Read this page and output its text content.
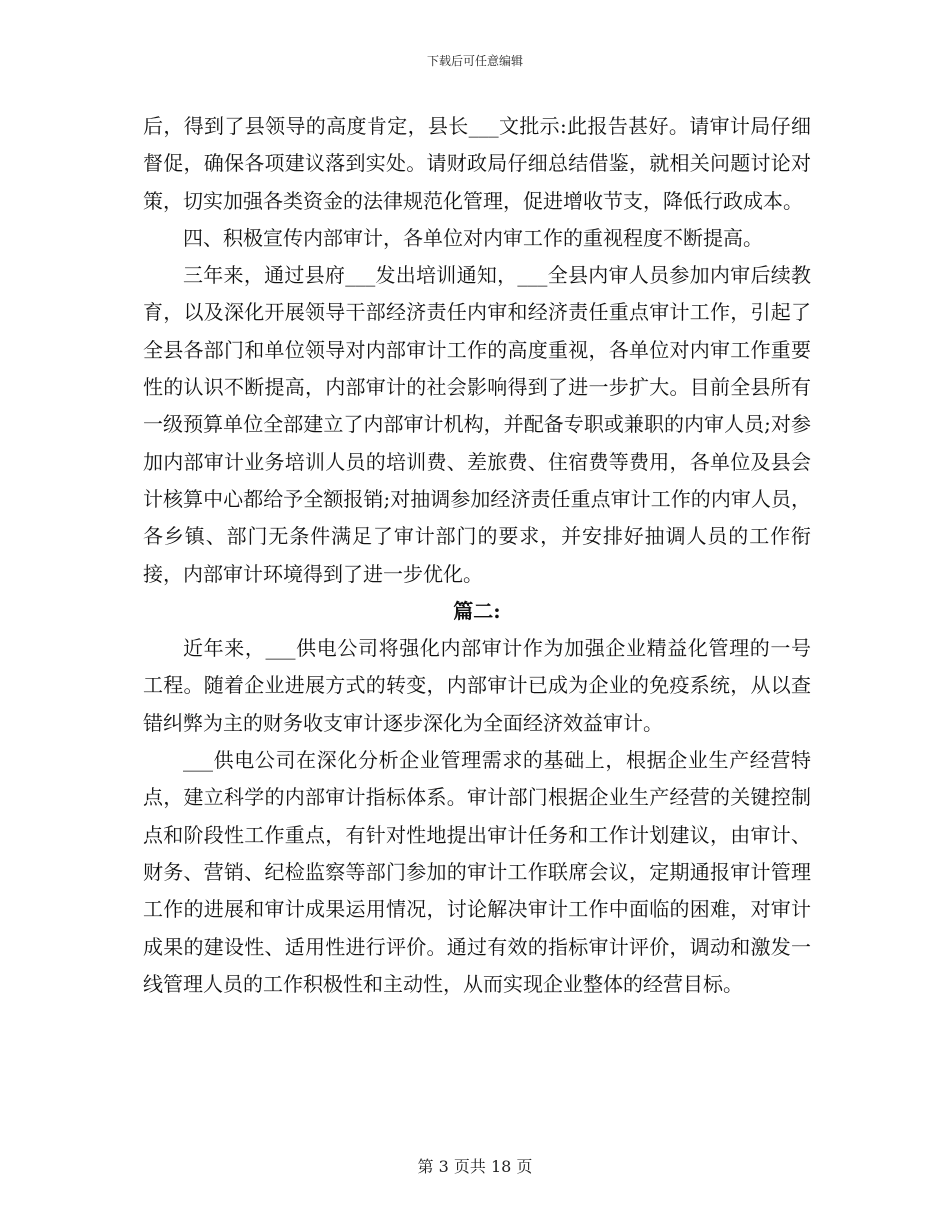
下载后可任意编辑

后，得到了县领导的高度肯定，县长___文批示:此报告甚好。请审计局仔细督促，确保各项建议落到实处。请财政局仔细总结借鉴，就相关问题讨论对策，切实加强各类资金的法律规范化管理，促进增收节支，降低行政成本。

四、积极宣传内部审计，各单位对内审工作的重视程度不断提高。

三年来，通过县府___发出培训通知，___全县内审人员参加内审后续教育，以及深化开展领导干部经济责任内审和经济责任重点审计工作，引起了全县各部门和单位领导对内部审计工作的高度重视，各单位对内审工作重要性的认识不断提高，内部审计的社会影响得到了进一步扩大。目前全县所有一级预算单位全部建立了内部审计机构，并配备专职或兼职的内审人员;对参加内部审计业务培训人员的培训费、差旅费、住宿费等费用，各单位及县会计核算中心都给予全额报销;对抽调参加经济责任重点审计工作的内审人员，各乡镇、部门无条件满足了审计部门的要求，并安排好抽调人员的工作衔接，内部审计环境得到了进一步优化。

篇二:

近年来，___供电公司将强化内部审计作为加强企业精益化管理的一号工程。随着企业进展方式的转变，内部审计已成为企业的免疫系统，从以查错纠弊为主的财务收支审计逐步深化为全面经济效益审计。

___供电公司在深化分析企业管理需求的基础上，根据企业生产经营特点，建立科学的内部审计指标体系。审计部门根据企业生产经营的关键控制点和阶段性工作重点，有针对性地提出审计任务和工作计划建议，由审计、财务、营销、纪检监察等部门参加的审计工作联席会议，定期通报审计管理工作的进展和审计成果运用情况，讨论解决审计工作中面临的困难，对审计成果的建设性、适用性进行评价。通过有效的指标审计评价，调动和激发一线管理人员的工作积极性和主动性，从而实现企业整体的经营目标。

第 3 页共 18 页
